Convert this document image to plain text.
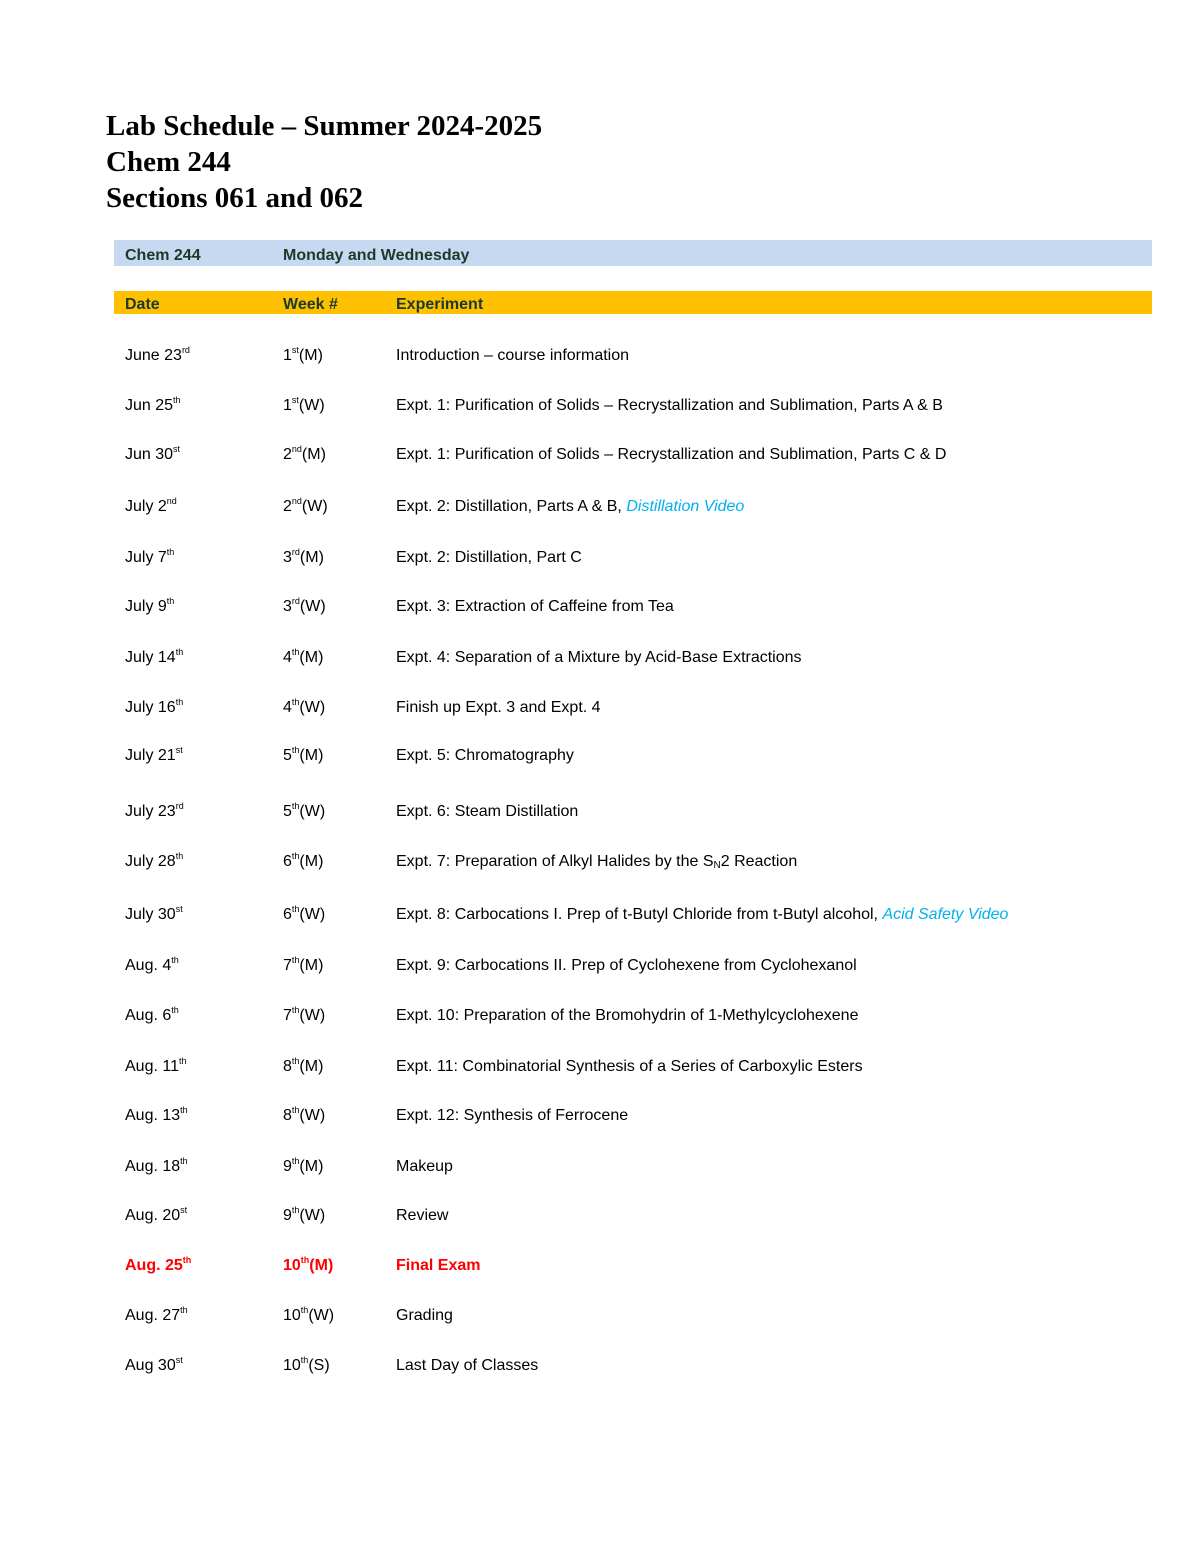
Lab Schedule – Summer 2024-2025
Chem 244
Sections 061 and 062
Chem 244	Monday and Wednesday
Date	Week #	Experiment
June 23rd	1st(M)	Introduction – course information
Jun 25th	1st(W)	Expt. 1: Purification of Solids – Recrystallization and Sublimation, Parts A & B
Jun 30st	2nd(M)	Expt. 1: Purification of Solids – Recrystallization and Sublimation, Parts C & D
July 2nd	2nd(W)	Expt. 2: Distillation, Parts A & B, Distillation Video
July 7th	3rd(M)	Expt. 2: Distillation, Part C
July 9th	3rd(W)	Expt. 3: Extraction of Caffeine from Tea
July 14th	4th(M)	Expt. 4: Separation of a Mixture by Acid-Base Extractions
July 16th	4th(W)	Finish up Expt. 3 and Expt. 4
July 21st	5th(M)	Expt. 5: Chromatography
July 23rd	5th(W)	Expt. 6: Steam Distillation
July 28th	6th(M)	Expt. 7: Preparation of Alkyl Halides by the $S_N2$ Reaction
July 30st	6th(W)	Expt. 8: Carbocations I. Prep of t-Butyl Chloride from t-Butyl alcohol, Acid Safety Video
Aug. 4th	7th(M)	Expt. 9: Carbocations II. Prep of Cyclohexene from Cyclohexanol
Aug. 6th	7th(W)	Expt. 10: Preparation of the Bromohydrin of 1-Methylcyclohexene
Aug. 11th	8th(M)	Expt. 11: Combinatorial Synthesis of a Series of Carboxylic Esters
Aug. 13th	8th(W)	Expt. 12: Synthesis of Ferrocene
Aug. 18th	9th(M)	Makeup
Aug. 20st	9th(W)	Review
Aug. 25th	10th(M)	Final Exam
Aug. 27th	10th(W)	Grading
Aug 30st	10th(S)	Last Day of Classes
